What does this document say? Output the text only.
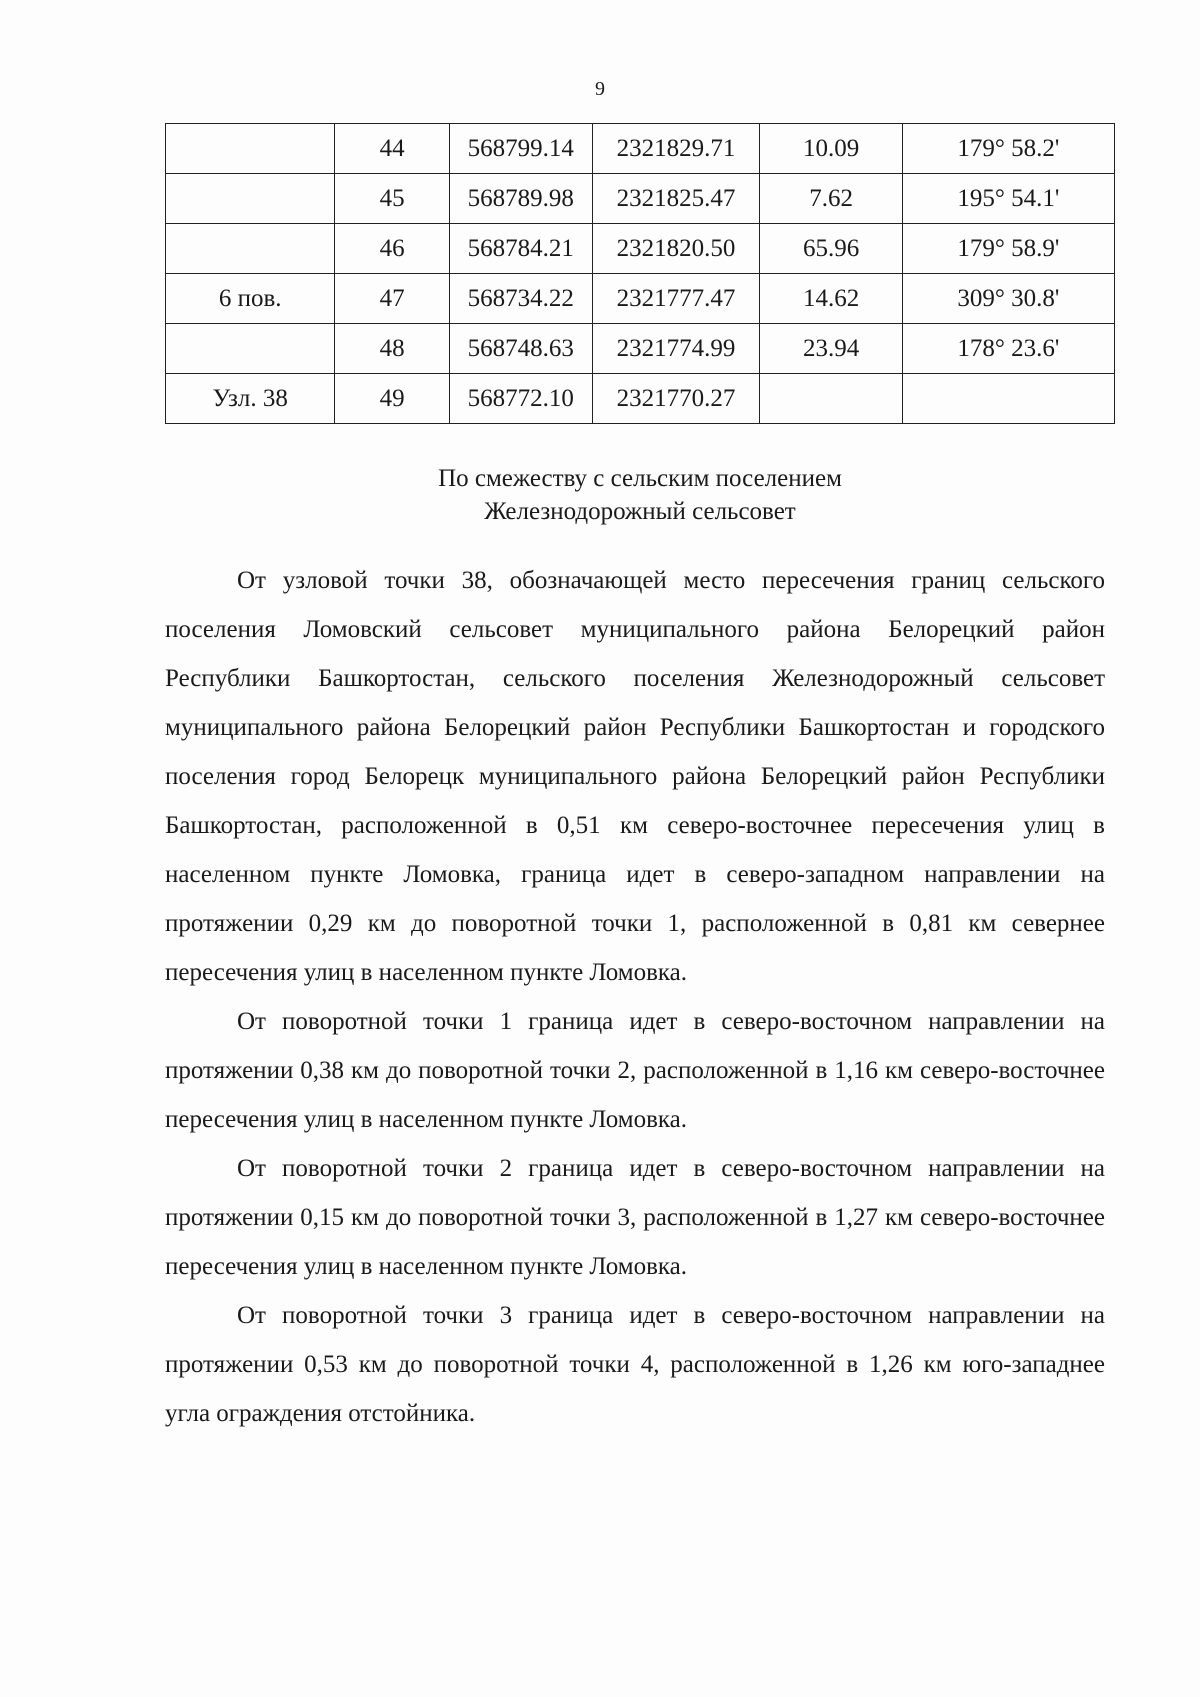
9
	44	568799.14	2321829.71	10.09	179° 58.2'
	45	568789.98	2321825.47	7.62	195° 54.1'
	46	568784.21	2321820.50	65.96	179° 58.9'
6 пов.	47	568734.22	2321777.47	14.62	309° 30.8'
	48	568748.63	2321774.99	23.94	178° 23.6'
Узл. 38	49	568772.10	2321770.27		
По смежеству с сельским поселением
Железнодорожный сельсовет

От узловой точки 38, обозначающей место пересечения границ сельского поселения Ломовский сельсовет муниципального района Белорецкий район Республики Башкортостан, сельского поселения Железнодорожный сельсовет муниципального района Белорецкий район Республики Башкортостан и городского поселения город Белорецк муниципального района Белорецкий район Республики Башкортостан, расположенной в 0,51 км северо-восточнее пересечения улиц в населенном пункте Ломовка, граница идет в северо-западном направлении на протяжении 0,29 км до поворотной точки 1, расположенной в 0,81 км севернее пересечения улиц в населенном пункте Ломовка.

От поворотной точки 1 граница идет в северо-восточном направлении на протяжении 0,38 км до поворотной точки 2, расположенной в 1,16 км северо-восточнее пересечения улиц в населенном пункте Ломовка.

От поворотной точки 2 граница идет в северо-восточном направлении на протяжении 0,15 км до поворотной точки 3, расположенной в 1,27 км северо-восточнее пересечения улиц в населенном пункте Ломовка.

От поворотной точки 3 граница идет в северо-восточном направлении на протяжении 0,53 км до поворотной точки 4, расположенной в 1,26 км юго-западнее угла ограждения отстойника.
